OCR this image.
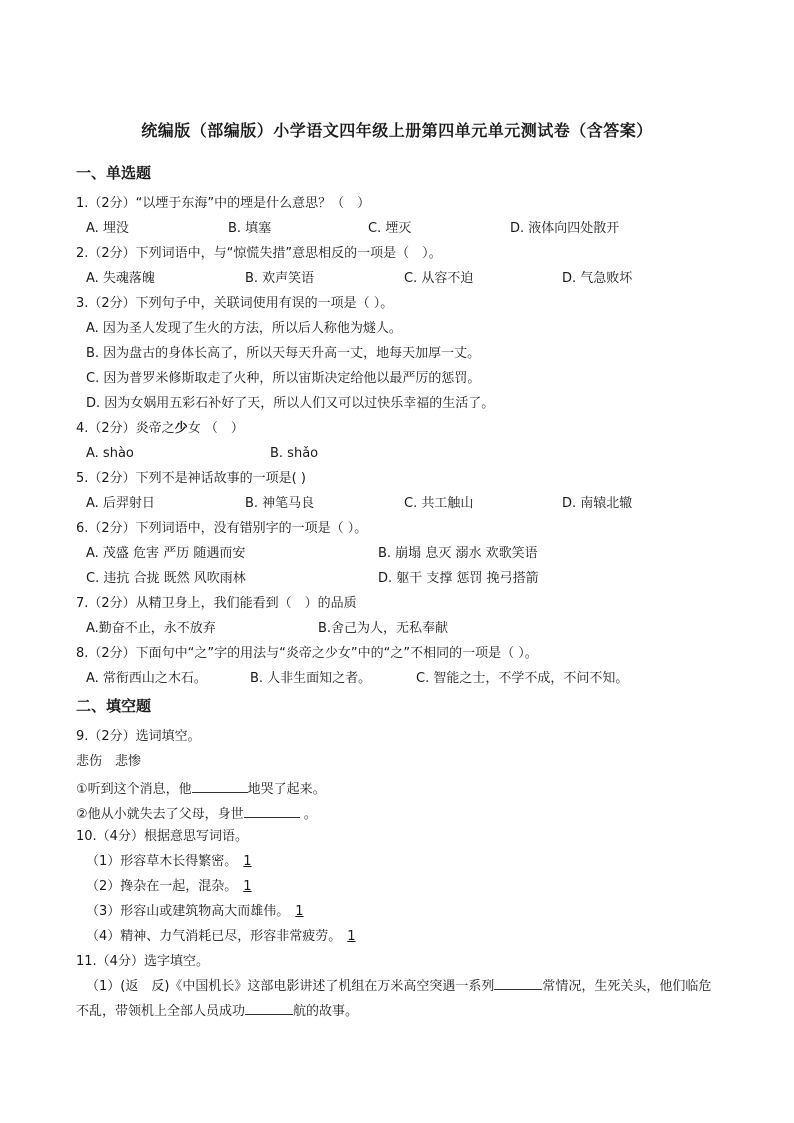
统编版（部编版）小学语文四年级上册第四单元单元测试卷（含答案）
一、单选题
1.（2分）“以堙于东海”中的堙是什么意思？（　）
A. 埋没	B. 填塞	C. 堙灭	D. 液体向四处散开
2.（2分）下列词语中，与“惊慌失措”意思相反的一项是（　）。
A. 失魂落魄	B. 欢声笑语	C. 从容不迫	D. 气急败坏
3.（2分）下列句子中，关联词使用有误的一项是（ ）。
A. 因为圣人发现了生火的方法，所以后人称他为燧人。
B. 因为盘古的身体长高了，所以天每天升高一丈，地每天加厚一丈。
C. 因为普罗米修斯取走了火种，所以宙斯决定给他以最严厉的惩罚。
D. 因为女娲用五彩石补好了天，所以人们又可以过快乐幸福的生活了。
4.（2分）炎帝之少女 （　）
A. shào	B. shǎo
5.（2分）下列不是神话故事的一项是( )
A. 后羿射日	B. 神笔马良	C. 共工触山	D. 南辕北辙
6.（2分）下列词语中，没有错别字的一项是（ ）。
A. 茂盛 危害 严历 随遇而安	B. 崩塌 息灭 溺水 欢歌笑语
C. 违抗 合拢 既然 风吹雨林	D. 躯干 支撑 惩罚 挽弓搭箭
7.（2分）从精卫身上，我们能看到（　）的品质
A.勤奋不止，永不放弃	B.舍己为人，无私奉献
8.（2分）下面句中“之”字的用法与“炎帝之少女”中的“之”不相同的一项是（ ）。
A. 常衔西山之木石。	B. 人非生面知之者。	C. 智能之士，不学不成，不问不知。
二、填空题
9.（2分）选词填空。
悲伤　悲惨
①听到这个消息，他	地哭了起来。
②他从小就失去了父母，身世	。
10.（4分）根据意思写词语。
（1）形容草木长得繁密。 1
（2）搀杂在一起，混杂。 1
（3）形容山或建筑物高大而雄伟。 1
（4）精神、力气消耗已尽，形容非常疲劳。 1
11.（4分）选字填空。
（1）(返　反)《中国机长》这部电影讲述了机组在万米高空突遇一系列	常情况，生死关头，他们临危不乱，带领机上全部人员成功	航的故事。
